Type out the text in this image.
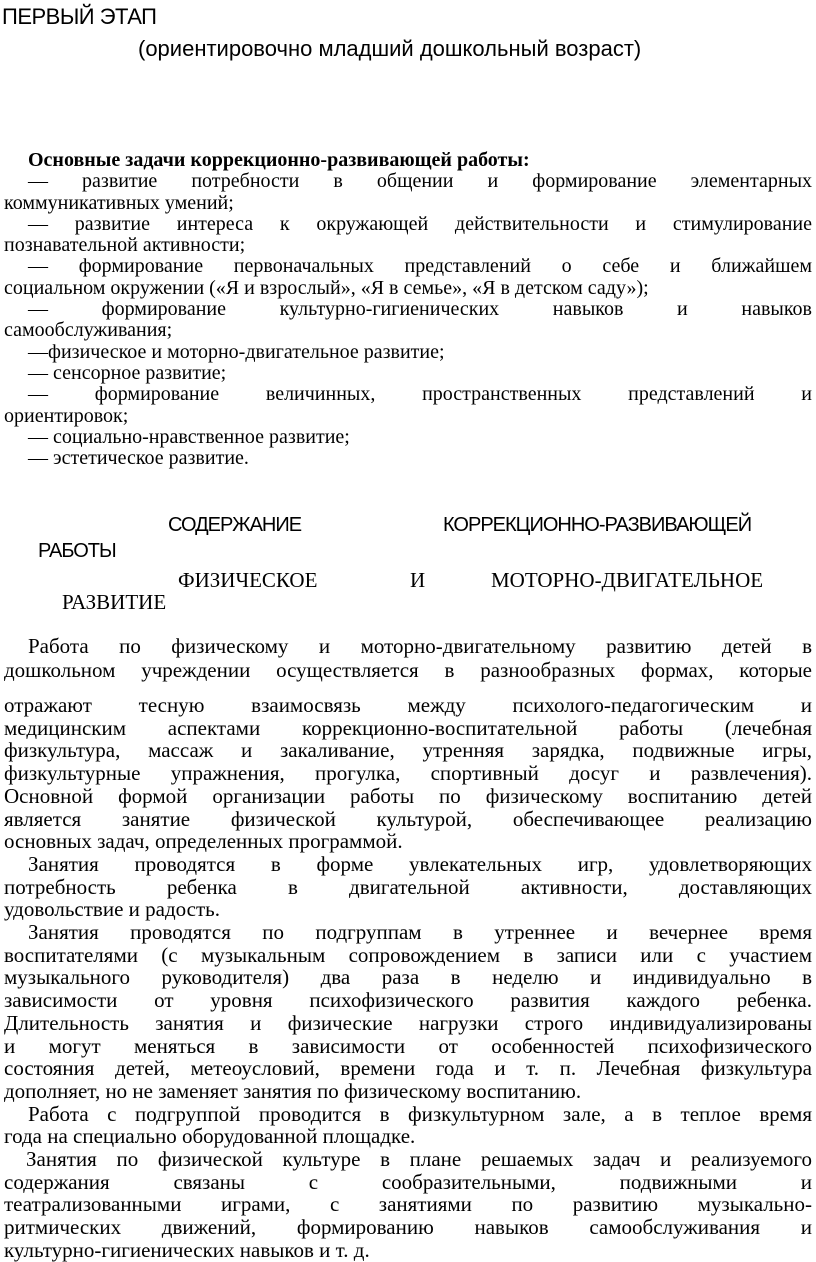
ПЕРВЫЙ ЭТАП
(ориентировочно младший дошкольный возраст)
Основные задачи коррекционно-развивающей работы:
— развитие потребности в общении и формирование элементарных
коммуникативных умений;
— развитие интереса к окружающей действительности и стимулирование
познавательной активности;
— формирование первоначальных представлений о себе и ближайшем
социальном окружении («Я и взрослый», «Я в семье», «Я в детском саду»);
— формирование культурно-гигиенических навыков и навыков
самообслуживания;
—физическое и моторно-двигательное развитие;
— сенсорное развитие;
— формирование величинных, пространственных представлений и
ориентировок;
— социально-нравственное развитие;
— эстетическое развитие.
СОДЕРЖАНИЕ	КОРРЕКЦИОННО-РАЗВИВАЮЩЕЙ
РАБОТЫ
ФИЗИЧЕСКОЕ	И	МОТОРНО-ДВИГАТЕЛЬНОЕ
РАЗВИТИЕ
Работа по физическому и моторно-двигательному развитию детей в
дошкольном учреждении осуществляется в разнообразных формах, которые
отражают тесную взаимосвязь между психолого-педагогическим и
медицинским аспектами коррекционно-воспитательной работы (лечебная
физкультура, массаж и закаливание, утренняя зарядка, подвижные игры,
физкультурные упражнения, прогулка, спортивный досуг и развлечения).
Основной формой организации работы по физическому воспитанию детей
является занятие физической культурой, обеспечивающее реализацию
основных задач, определенных программой.
Занятия проводятся в форме увлекательных игр, удовлетворяющих
потребность ребенка в двигательной активности, доставляющих
удовольствие и радость.
Занятия проводятся по подгруппам в утреннее и вечернее время
воспитателями (с музыкальным сопровождением в записи или с участием
музыкального руководителя) два раза в неделю и индивидуально в
зависимости от уровня психофизического развития каждого ребенка.
Длительность занятия и физические нагрузки строго индивидуализированы
и могут меняться в зависимости от особенностей психофизического
состояния детей, метеоусловий, времени года и т. п. Лечебная физкультура
дополняет, но не заменяет занятия по физическому воспитанию.
Работа с подгруппой проводится в физкультурном зале, а в теплое время
года на специально оборудованной площадке.
Занятия по физической культуре в плане решаемых задач и реализуемого
содержания связаны с сообразительными, подвижными и
театрализованными играми, с занятиями по развитию музыкально-
ритмических движений, формированию навыков самообслуживания и
культурно-гигиенических навыков и т. д.
